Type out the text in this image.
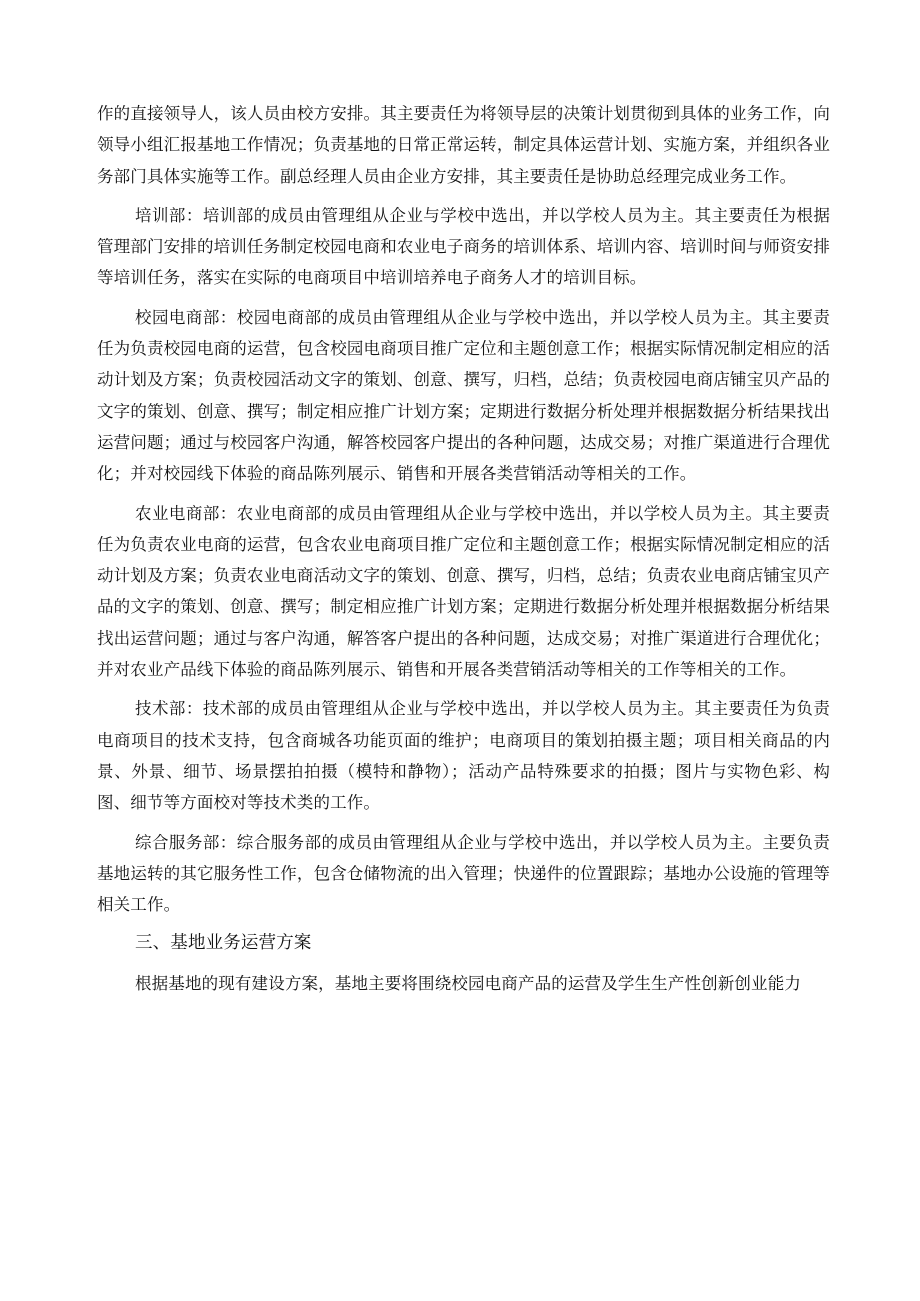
作的直接领导人，该人员由校方安排。其主要责任为将领导层的决策计划贯彻到具体的业务工作，向领导小组汇报基地工作情况；负责基地的日常正常运转，制定具体运营计划、实施方案，并组织各业务部门具体实施等工作。副总经理人员由企业方安排，其主要责任是协助总经理完成业务工作。

培训部：培训部的成员由管理组从企业与学校中选出，并以学校人员为主。其主要责任为根据管理部门安排的培训任务制定校园电商和农业电子商务的培训体系、培训内容、培训时间与师资安排等培训任务，落实在实际的电商项目中培训培养电子商务人才的培训目标。

校园电商部：校园电商部的成员由管理组从企业与学校中选出，并以学校人员为主。其主要责任为负责校园电商的运营，包含校园电商项目推广定位和主题创意工作；根据实际情况制定相应的活动计划及方案；负责校园活动文字的策划、创意、撰写，归档，总结；负责校园电商店铺宝贝产品的文字的策划、创意、撰写；制定相应推广计划方案；定期进行数据分析处理并根据数据分析结果找出运营问题；通过与校园客户沟通，解答校园客户提出的各种问题，达成交易；对推广渠道进行合理优化；并对校园线下体验的商品陈列展示、销售和开展各类营销活动等相关的工作。

农业电商部：农业电商部的成员由管理组从企业与学校中选出，并以学校人员为主。其主要责任为负责农业电商的运营，包含农业电商项目推广定位和主题创意工作；根据实际情况制定相应的活动计划及方案；负责农业电商活动文字的策划、创意、撰写，归档，总结；负责农业电商店铺宝贝产品的文字的策划、创意、撰写；制定相应推广计划方案；定期进行数据分析处理并根据数据分析结果找出运营问题；通过与客户沟通，解答客户提出的各种问题，达成交易；对推广渠道进行合理优化；并对农业产品线下体验的商品陈列展示、销售和开展各类营销活动等相关的工作等相关的工作。

技术部：技术部的成员由管理组从企业与学校中选出，并以学校人员为主。其主要责任为负责电商项目的技术支持，包含商城各功能页面的维护；电商项目的策划拍摄主题；项目相关商品的内景、外景、细节、场景摆拍拍摄（模特和静物）；活动产品特殊要求的拍摄；图片与实物色彩、构图、细节等方面校对等技术类的工作。

综合服务部：综合服务部的成员由管理组从企业与学校中选出，并以学校人员为主。主要负责基地运转的其它服务性工作，包含仓储物流的出入管理；快递件的位置跟踪；基地办公设施的管理等相关工作。

三、基地业务运营方案

根据基地的现有建设方案，基地主要将围绕校园电商产品的运营及学生生产性创新创业能力
